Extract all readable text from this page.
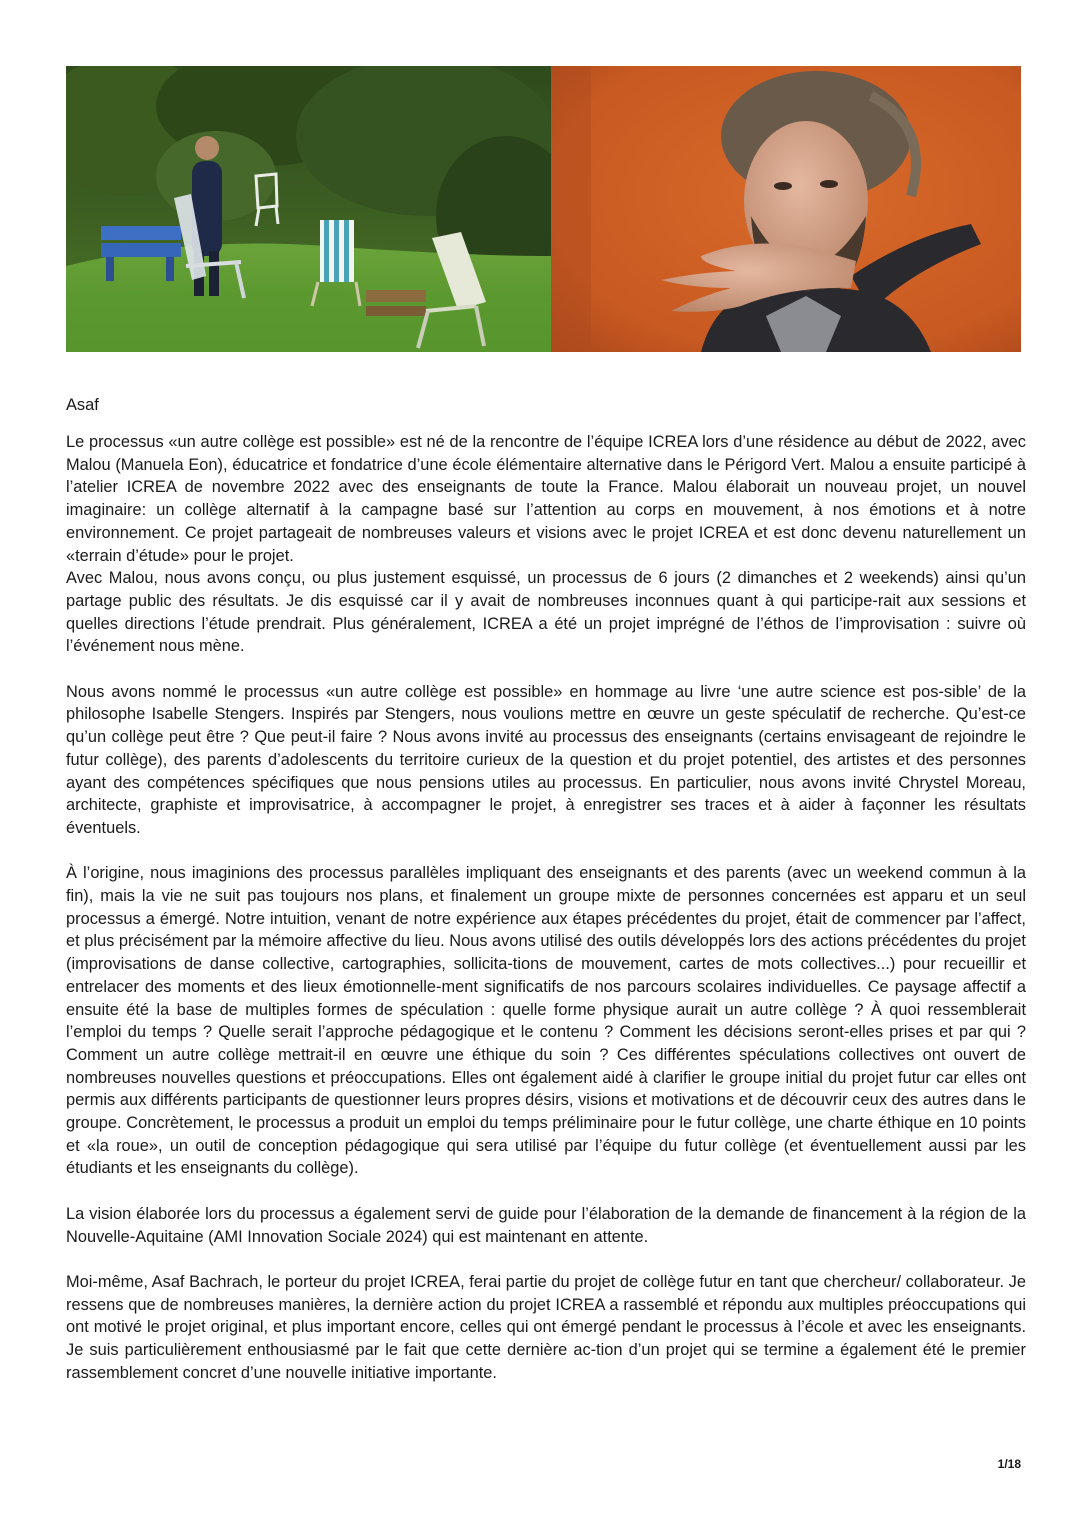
Asaf

Le processus «un autre collège est possible» est né de la rencontre de l’équipe ICREA lors d’une résidence au début de 2022, avec Malou (Manuela Eon), éducatrice et fondatrice d’une école élémentaire alternative dans le Périgord Vert. Malou a ensuite participé à l’atelier ICREA de novembre 2022 avec des enseignants de toute la France. Malou élaborait un nouveau projet, un nouvel imaginaire: un collège alternatif à la campagne basé sur l’attention au corps en mouvement, à nos émotions et à notre environnement. Ce projet partageait de nombreuses valeurs et visions avec le projet ICREA et est donc devenu naturellement un «terrain d’étude» pour le projet.

Avec Malou, nous avons conçu, ou plus justement esquissé, un processus de 6 jours (2 dimanches et 2 weekends) ainsi qu’un partage public des résultats. Je dis esquissé car il y avait de nombreuses inconnues quant à qui participe-rait aux sessions et quelles directions l’étude prendrait. Plus généralement, ICREA a été un projet imprégné de l’éthos de l’improvisation : suivre où l’événement nous mène.

Nous avons nommé le processus «un autre collège est possible» en hommage au livre ‘une autre science est pos-sible’ de la philosophe Isabelle Stengers. Inspirés par Stengers, nous voulions mettre en œuvre un geste spéculatif de recherche. Qu’est-ce qu’un collège peut être ? Que peut-il faire ? Nous avons invité au processus des enseignants (certains envisageant de rejoindre le futur collège), des parents d’adolescents du territoire curieux de la question et du projet potentiel, des artistes et des personnes ayant des compétences spécifiques que nous pensions utiles au processus. En particulier, nous avons invité Chrystel Moreau, architecte, graphiste et improvisatrice, à accompagner le projet, à enregistrer ses traces et à aider à façonner les résultats éventuels.

À l’origine, nous imaginions des processus parallèles impliquant des enseignants et des parents (avec un weekend commun à la fin), mais la vie ne suit pas toujours nos plans, et finalement un groupe mixte de personnes concernées est apparu et un seul processus a émergé. Notre intuition, venant de notre expérience aux étapes précédentes du projet, était de commencer par l’affect, et plus précisément par la mémoire affective du lieu. Nous avons utilisé des outils développés lors des actions précédentes du projet (improvisations de danse collective, cartographies, sollicita-tions de mouvement, cartes de mots collectives...) pour recueillir et entrelacer des moments et des lieux émotionnelle-ment significatifs de nos parcours scolaires individuelles. Ce paysage affectif a ensuite été la base de multiples formes de spéculation : quelle forme physique aurait un autre collège ? À quoi ressemblerait l’emploi du temps ? Quelle serait l’approche pédagogique et le contenu ? Comment les décisions seront-elles prises et par qui ? Comment un autre collège mettrait-il en œuvre une éthique du soin ? Ces différentes spéculations collectives ont ouvert de nombreuses nouvelles questions et préoccupations. Elles ont également aidé à clarifier le groupe initial du projet futur car elles ont permis aux différents participants de questionner leurs propres désirs, visions et motivations et de découvrir ceux des autres dans le groupe. Concrètement, le processus a produit un emploi du temps préliminaire pour le futur collège, une charte éthique en 10 points et «la roue», un outil de conception pédagogique qui sera utilisé par l’équipe du futur collège (et éventuellement aussi par les étudiants et les enseignants du collège).

La vision élaborée lors du processus a également servi de guide pour l’élaboration de la demande de financement à la région de la Nouvelle-Aquitaine (AMI Innovation Sociale 2024) qui est maintenant en attente.

Moi-même, Asaf Bachrach, le porteur du projet ICREA, ferai partie du projet de collège futur en tant que chercheur/ collaborateur. Je ressens que de nombreuses manières, la dernière action du projet ICREA a rassemblé et répondu aux multiples préoccupations qui ont motivé le projet original, et plus important encore, celles qui ont émergé pendant le processus à l’école et avec les enseignants. Je suis particulièrement enthousiasmé par le fait que cette dernière ac-tion d’un projet qui se termine a également été le premier rassemblement concret d’une nouvelle initiative importante.

1/18
